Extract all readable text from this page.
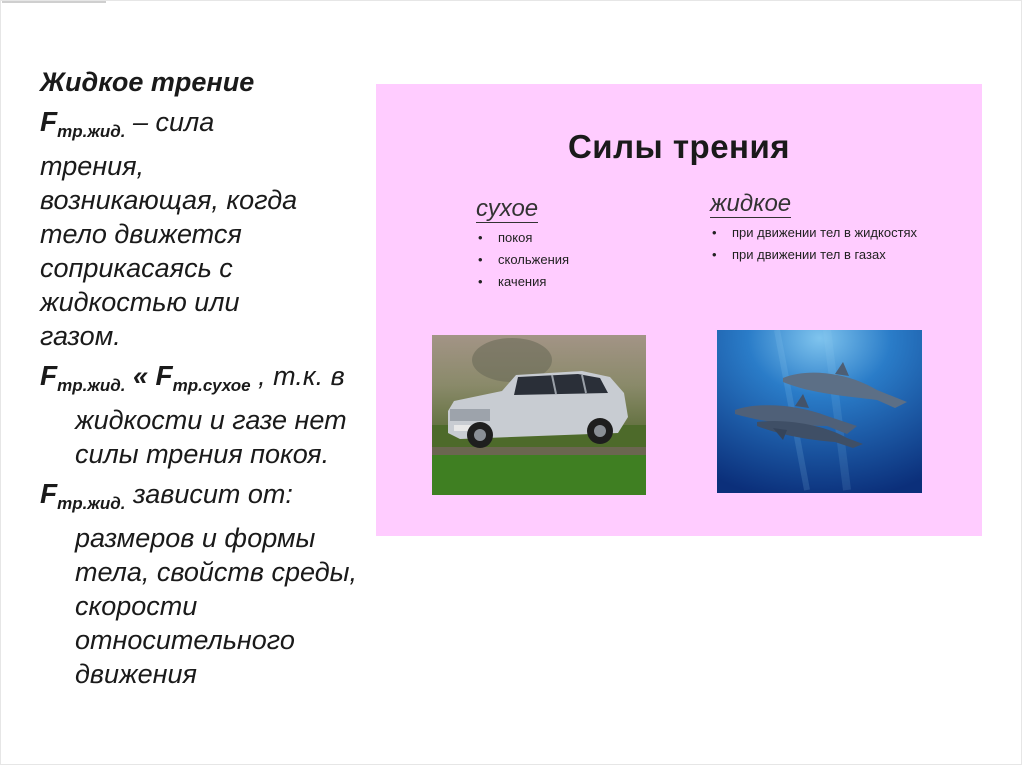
Жидкое трение

$F_{тр.жид.}$ – сила
трения,
возникающая, когда
тело движется
соприкасаясь с
жидкостью или
газом.
$F_{тр.жид.}$ « $F_{тр.сухое}$ , т.к. в
жидкости и газе нет
силы трения покоя.
$F_{тр.жид.}$ зависит от:
размеров и формы
тела, свойств среды,
скорости
относительного
движения
Силы трения
сухое
• покоя
• скольжения
• качения
жидкое
• при движении тел в жидкостях
• при движении тел в газах
